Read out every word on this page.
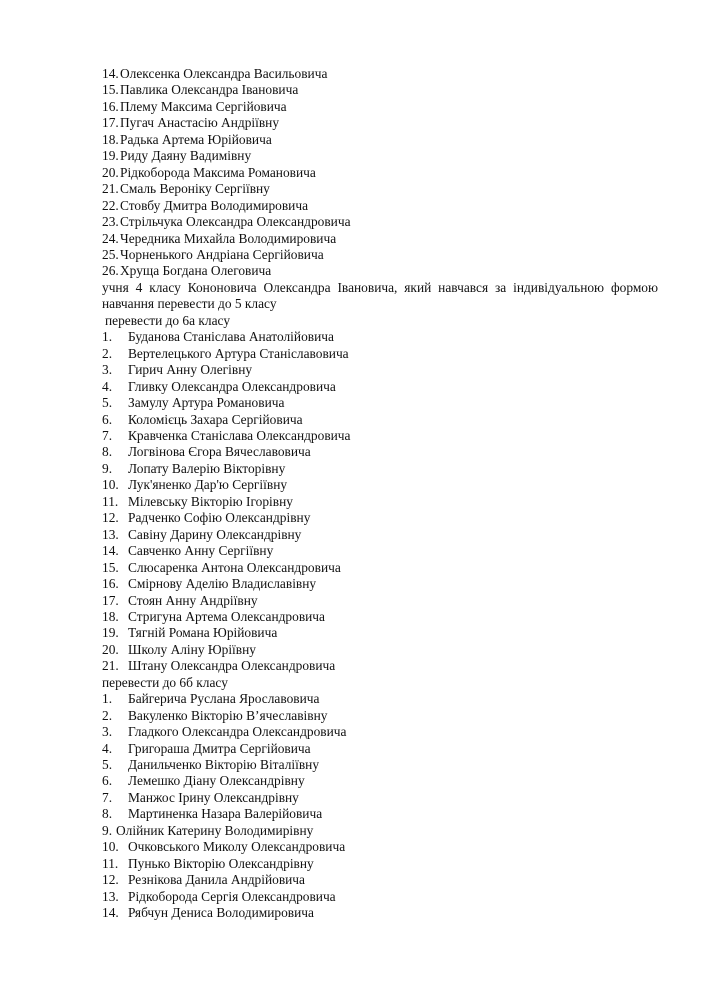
14. Олексенка Олександра Васильовича
15. Павлика Олександра Івановича
16. Плему Максима Сергійовича
17. Пугач Анастасію Андріївну
18. Радька Артема Юрійовича
19. Риду Даяну Вадимівну
20. Рідкоборода Максима Романовича
21. Смаль Вероніку Сергіївну
22. Стовбу Дмитра Володимировича
23. Стрільчука Олександра Олександровича
24. Чередника Михайла Володимировича
25. Чорненького Андріана Сергійовича
26. Хруща Богдана Олеговича
учня 4 класу Кононовича Олександра Івановича, який навчався за індивідуальною формою навчання перевести до 5 класу
перевести до 6а класу
1.	Буданова Станіслава Анатолійовича
2.	Вертелецького Артура Станіславовича
3.	Гирич Анну Олегівну
4.	Гливку Олександра Олександровича
5.	Замулу Артура Романовича
6.	Коломієць Захара Сергійовича
7.	Кравченка Станіслава Олександровича
8.	Логвінова Єгора Вячеславовича
9.	Лопату Валерію Вікторівну
10. Лук'яненко Дар'ю Сергіївну
11. Мілевську Вікторію Ігорівну
12. Радченко Софію Олександрівну
13. Савіну Дарину Олександрівну
14. Савченко Анну Сергіївну
15. Слюсаренка Антона Олександровича
16. Смірнову Аделію Владиславівну
17. Стоян Анну Андріївну
18. Стригуна Артема Олександровича
19. Тягній Романа Юрійовича
20. Школу Аліну Юріївну
21. Штану Олександра Олександровича
перевести до 6б класу
1.	Байгерича Руслана Ярославовича
2.	Вакуленко Вікторію В’ячеславівну
3.	Гладкого Олександра Олександровича
4.	Григораша Дмитра Сергійовича
5.	Данильченко Вікторію Віталіївну
6.	Лемешко Діану Олександрівну
7.	Манжос Ірину Олександрівну
8.	Мартиненка Назара Валерійовича
9. Олійник Катерину Володимирівну
10. Очковського Миколу Олександровича
11. Пунько Вікторію Олександрівну
12. Резнікова Данила Андрійовича
13. Рідкоборода Сергія Олександровича
14. Рябчун Дениса Володимировича
